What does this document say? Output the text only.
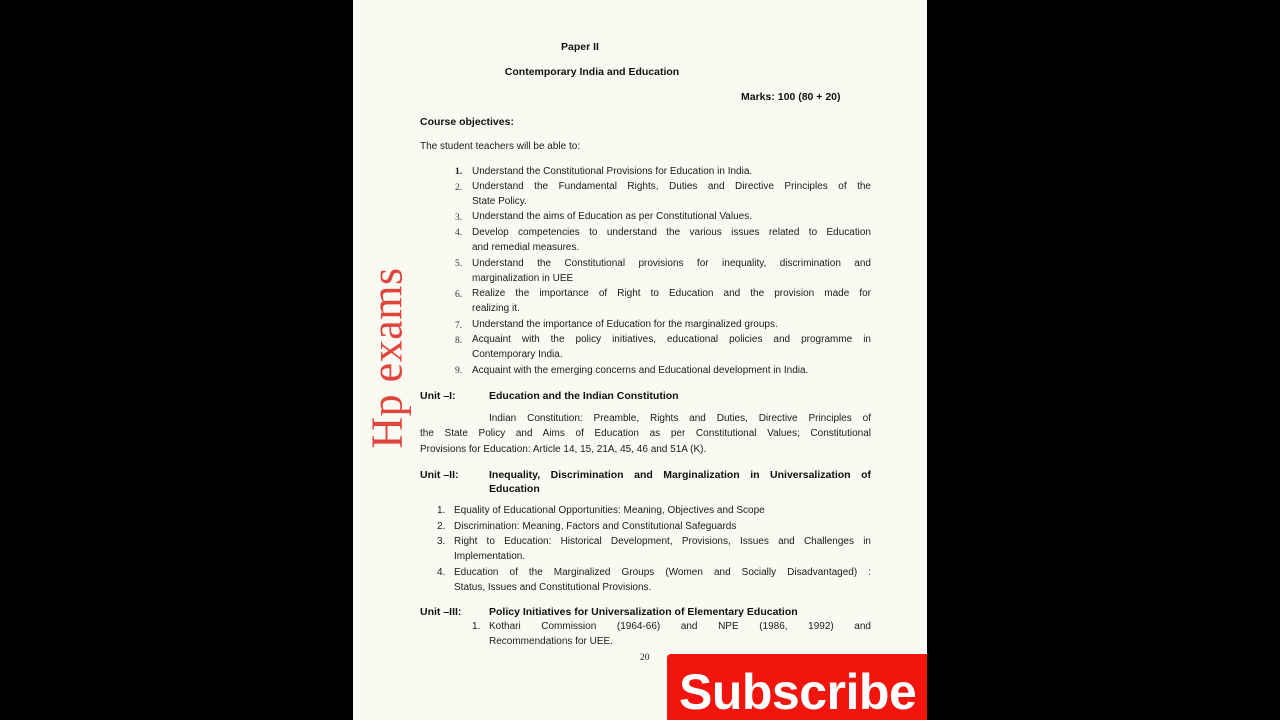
Paper II
Contemporary India and Education
Marks: 100 (80 + 20)
Course objectives:
The student teachers will be able to:
1. Understand the Constitutional Provisions for Education in India.
2. Understand the Fundamental Rights, Duties and Directive Principles of the
State Policy.
3. Understand the aims of Education as per Constitutional Values.
4. Develop competencies to understand the various issues related to Education
and remedial measures.
5. Understand the Constitutional provisions for inequality, discrimination and
marginalization in UEE
6. Realize the importance of Right to Education and the provision made for
realizing it.
7. Understand the importance of Education for the marginalized groups.
8. Acquaint with the policy initiatives, educational policies and programme in
Contemporary India.
9. Acquaint with the emerging concerns and Educational development in India.
Unit –I:	Education and the Indian Constitution
Indian Constitution: Preamble, Rights and Duties, Directive Principles of
the State Policy and Aims of Education as per Constitutional Values; Constitutional
Provisions for Education: Article 14, 15, 21A, 45, 46 and 51A (K).
Unit –II:	Inequality, Discrimination and Marginalization in Universalization of
Education
1. Equality of Educational Opportunities: Meaning, Objectives and Scope
2. Discrimination: Meaning, Factors and Constitutional Safeguards
3. Right to Education: Historical Development, Provisions, Issues and Challenges in
Implementation.
4. Education of the Marginalized Groups (Women and Socially Disadvantaged) :
Status, Issues and Constitutional Provisions.
Unit –III:	Policy Initiatives for Universalization of Elementary Education
1. Kothari   Commission   (1964-66)   and   NPE   (1986,   1992)   and
Recommendations for UEE.
20
Hp exams
Subscribe
